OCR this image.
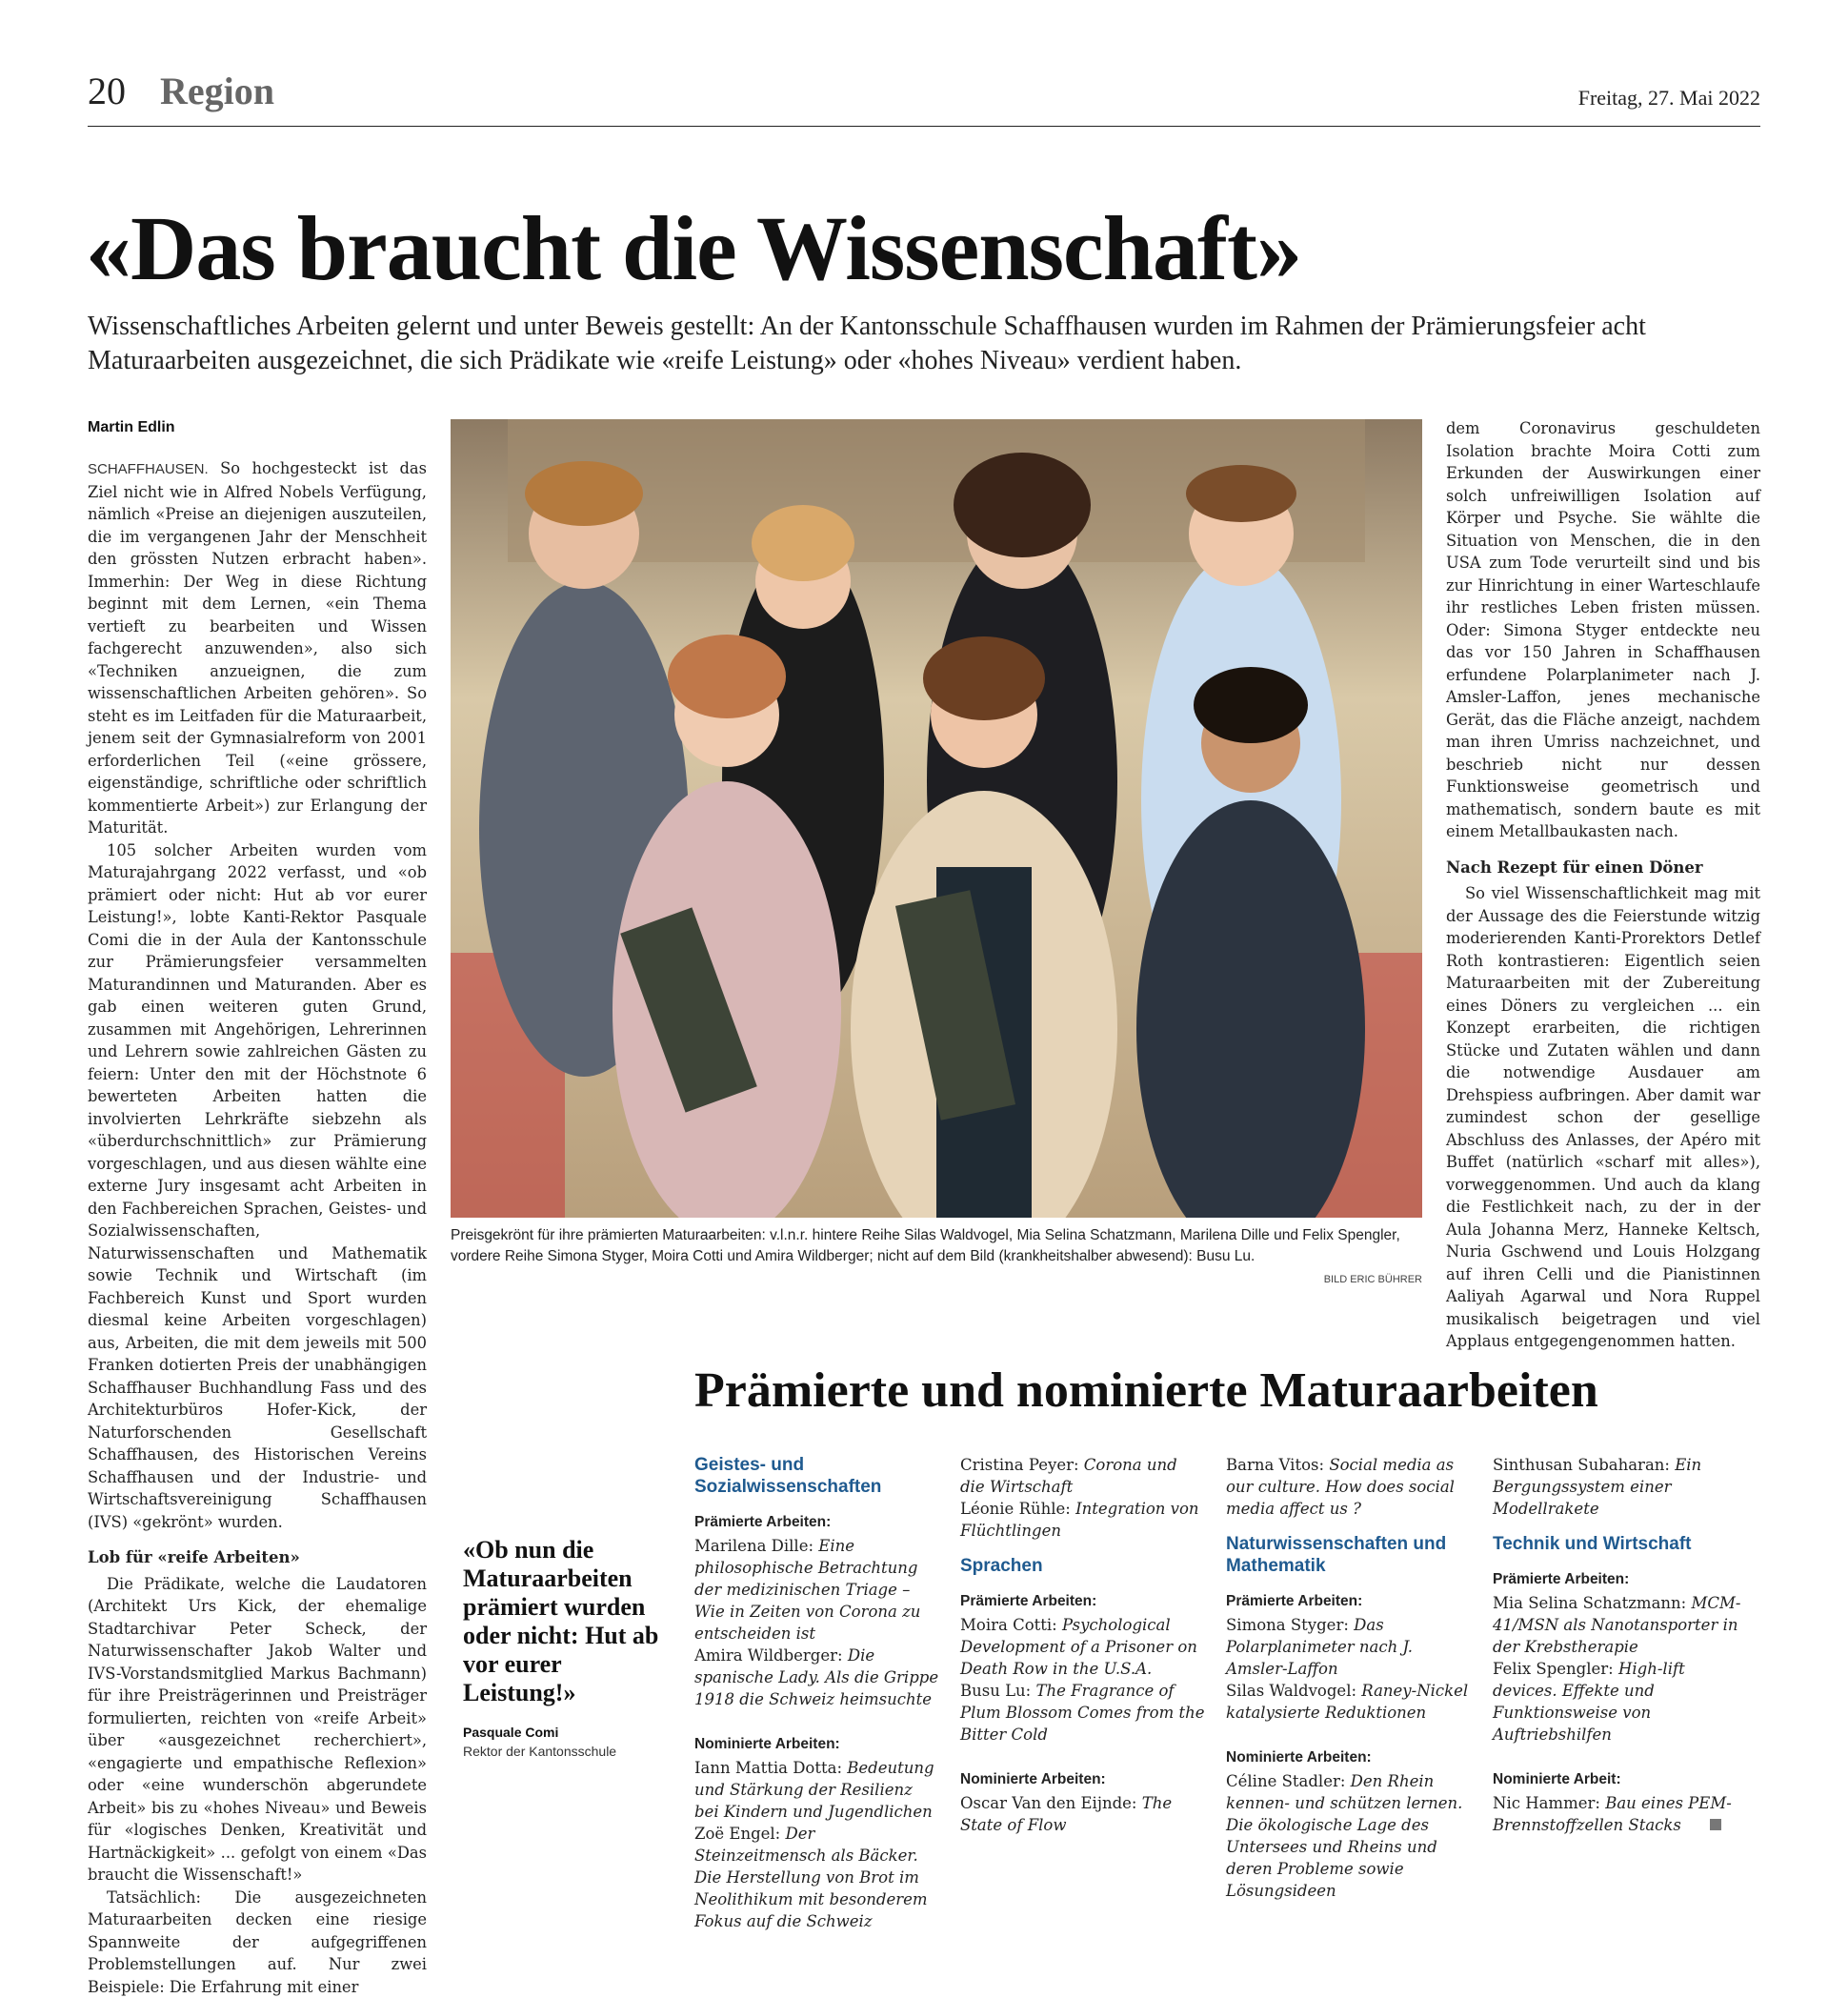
20 Region	Freitag, 27. Mai 2022
«Das braucht die Wissenschaft»

Wissenschaftliches Arbeiten gelernt und unter Beweis gestellt: An der Kantonsschule Schaffhausen wurden im Rahmen der Prämierungsfeier acht Maturaarbeiten ausgezeichnet, die sich Prädikate wie «reife Leistung» oder «hohes Niveau» verdient haben.

Martin Edlin

SCHAFFHAUSEN. So hochgesteckt ist das Ziel nicht wie in Alfred Nobels Verfügung, nämlich «Preise an diejenigen auszuteilen, die im vergangenen Jahr der Menschheit den grössten Nutzen erbracht haben». Immerhin: Der Weg in diese Richtung beginnt mit dem Lernen, «ein Thema vertieft zu bearbeiten und Wissen fachgerecht anzuwenden», also sich «Techniken anzueignen, die zum wissenschaftlichen Arbeiten gehören». So steht es im Leitfaden für die Maturaarbeit, jenem seit der Gymnasialreform von 2001 erforderlichen Teil («eine grössere, eigenständige, schriftliche oder schriftlich kommentierte Arbeit») zur Erlangung der Maturität.

105 solcher Arbeiten wurden vom Maturajahrgang 2022 verfasst, und «ob prämiert oder nicht: Hut ab vor eurer Leistung!», lobte Kanti-Rektor Pasquale Comi die in der Aula der Kantonsschule zur Prämierungsfeier versammelten Maturandinnen und Maturanden. Aber es gab einen weiteren guten Grund, zusammen mit Angehörigen, Lehrerinnen und Lehrern sowie zahlreichen Gästen zu feiern: Unter den mit der Höchstnote 6 bewerteten Arbeiten hatten die involvierten Lehrkräfte siebzehn als «überdurchschnittlich» zur Prämierung vorgeschlagen, und aus diesen wählte eine externe Jury insgesamt acht Arbeiten in den Fachbereichen Sprachen, Geistes- und Sozialwissenschaften, Naturwissenschaften und Mathematik sowie Technik und Wirtschaft (im Fachbereich Kunst und Sport wurden diesmal keine Arbeiten vorgeschlagen) aus, Arbeiten, die mit dem jeweils mit 500 Franken dotierten Preis der unabhängigen Schaffhauser Buchhandlung Fass und des Architekturbüros Hofer-Kick, der Naturforschenden Gesellschaft Schaffhausen, des Historischen Vereins Schaffhausen und der Industrie- und Wirtschaftsvereinigung Schaffhausen (IVS) «gekrönt» wurden.

Lob für «reife Arbeiten»

Die Prädikate, welche die Laudatoren (Architekt Urs Kick, der ehemalige Stadtarchivar Peter Scheck, der Naturwissenschafter Jakob Walter und IVS-Vorstandsmitglied Markus Bachmann) für ihre Preisträgerinnen und Preisträger formulierten, reichten von «reife Arbeit» über «ausgezeichnet recherchiert», «engagierte und empathische Reflexion» oder «eine wunderschön abgerundete Arbeit» bis zu «hohes Niveau» und Beweis für «logisches Denken, Kreativität und Hartnäckigkeit» ... gefolgt von einem «Das braucht die Wissenschaft!»

Tatsächlich: Die ausgezeichneten Maturaarbeiten decken eine riesige Spannweite der aufgegriffenen Problemstellungen auf. Nur zwei Beispiele: Die Erfahrung mit einer

Preisgekrönt für ihre prämierten Maturaarbeiten: v.l.n.r. hintere Reihe Silas Waldvogel, Mia Selina Schatzmann, Marilena Dille und Felix Spengler, vordere Reihe Simona Styger, Moira Cotti und Amira Wildberger; nicht auf dem Bild (krankheitshalber abwesend): Busu Lu.
BILD ERIC BÜHRER

dem Coronavirus geschuldeten Isolation brachte Moira Cotti zum Erkunden der Auswirkungen einer solch unfreiwilligen Isolation auf Körper und Psyche. Sie wählte die Situation von Menschen, die in den USA zum Tode verurteilt sind und bis zur Hinrichtung in einer Warteschlaufe ihr restliches Leben fristen müssen. Oder: Simona Styger entdeckte neu das vor 150 Jahren in Schaffhausen erfundene Polarplanimeter nach J. Amsler-Laffon, jenes mechanische Gerät, das die Fläche anzeigt, nachdem man ihren Umriss nachzeichnet, und beschrieb nicht nur dessen Funktionsweise geometrisch und mathematisch, sondern baute es mit einem Metallbaukasten nach.

Nach Rezept für einen Döner

So viel Wissenschaftlichkeit mag mit der Aussage des die Feierstunde witzig moderierenden Kanti-Prorektors Detlef Roth kontrastieren: Eigentlich seien Maturaarbeiten mit der Zubereitung eines Döners zu vergleichen ... ein Konzept erarbeiten, die richtigen Stücke und Zutaten wählen und dann die notwendige Ausdauer am Drehspiess aufbringen. Aber damit war zumindest schon der gesellige Abschluss des Anlasses, der Apéro mit Buffet (natürlich «scharf mit alles»), vorweggenommen. Und auch da klang die Festlichkeit nach, zu der in der Aula Johanna Merz, Hanneke Keltsch, Nuria Gschwend und Louis Holzgang auf ihren Celli und die Pianistinnen Aaliyah Agarwal und Nora Ruppel musikalisch beigetragen und viel Applaus entgegengenommen hatten.

«Ob nun die Maturaarbeiten prämiert wurden oder nicht: Hut ab vor eurer Leistung!»
Pasquale Comi
Rektor der Kantonsschule
Prämierte und nominierte Maturaarbeiten
Geistes- und Sozialwissenschaften
Prämierte Arbeiten:

Marilena Dille: Eine philosophische Betrachtung der medizinischen Triage – Wie in Zeiten von Corona zu entscheiden ist

Amira Wildberger: Die spanische Lady. Als die Grippe 1918 die Schweiz heimsuchte

Nominierte Arbeiten:

Iann Mattia Dotta: Bedeutung und Stärkung der Resilienz bei Kindern und Jugendlichen

Zoë Engel: Der Steinzeitmensch als Bäcker. Die Herstellung von Brot im Neolithikum mit besonderem Fokus auf die Schweiz

Cristina Peyer: Corona und die Wirtschaft

Léonie Rühle: Integration von Flüchtlingen

Sprachen
Prämierte Arbeiten:

Moira Cotti: Psychological Development of a Prisoner on Death Row in the U.S.A.

Busu Lu: The Fragrance of Plum Blossom Comes from the Bitter Cold

Nominierte Arbeiten:

Oscar Van den Eijnde: The State of Flow

Barna Vitos: Social media as our culture. How does social media affect us ?

Naturwissenschaften und Mathematik
Prämierte Arbeiten:

Simona Styger: Das Polarplanimeter nach J. Amsler-Laffon

Silas Waldvogel: Raney-Nickel katalysierte Reduktionen

Nominierte Arbeiten:

Céline Stadler: Den Rhein kennen- und schützen lernen. Die ökologische Lage des Untersees und Rheins und deren Probleme sowie Lösungsideen

Sinthusan Subaharan: Ein Bergungssystem einer Modellrakete

Technik und Wirtschaft
Prämierte Arbeiten:

Mia Selina Schatzmann: MCM-41/MSN als Nanotansporter in der Krebstherapie

Felix Spengler: High-lift devices. Effekte und Funktionsweise von Auftriebshilfen

Nominierte Arbeit:

Nic Hammer: Bau eines PEM-Brennstoffzellen Stacks
